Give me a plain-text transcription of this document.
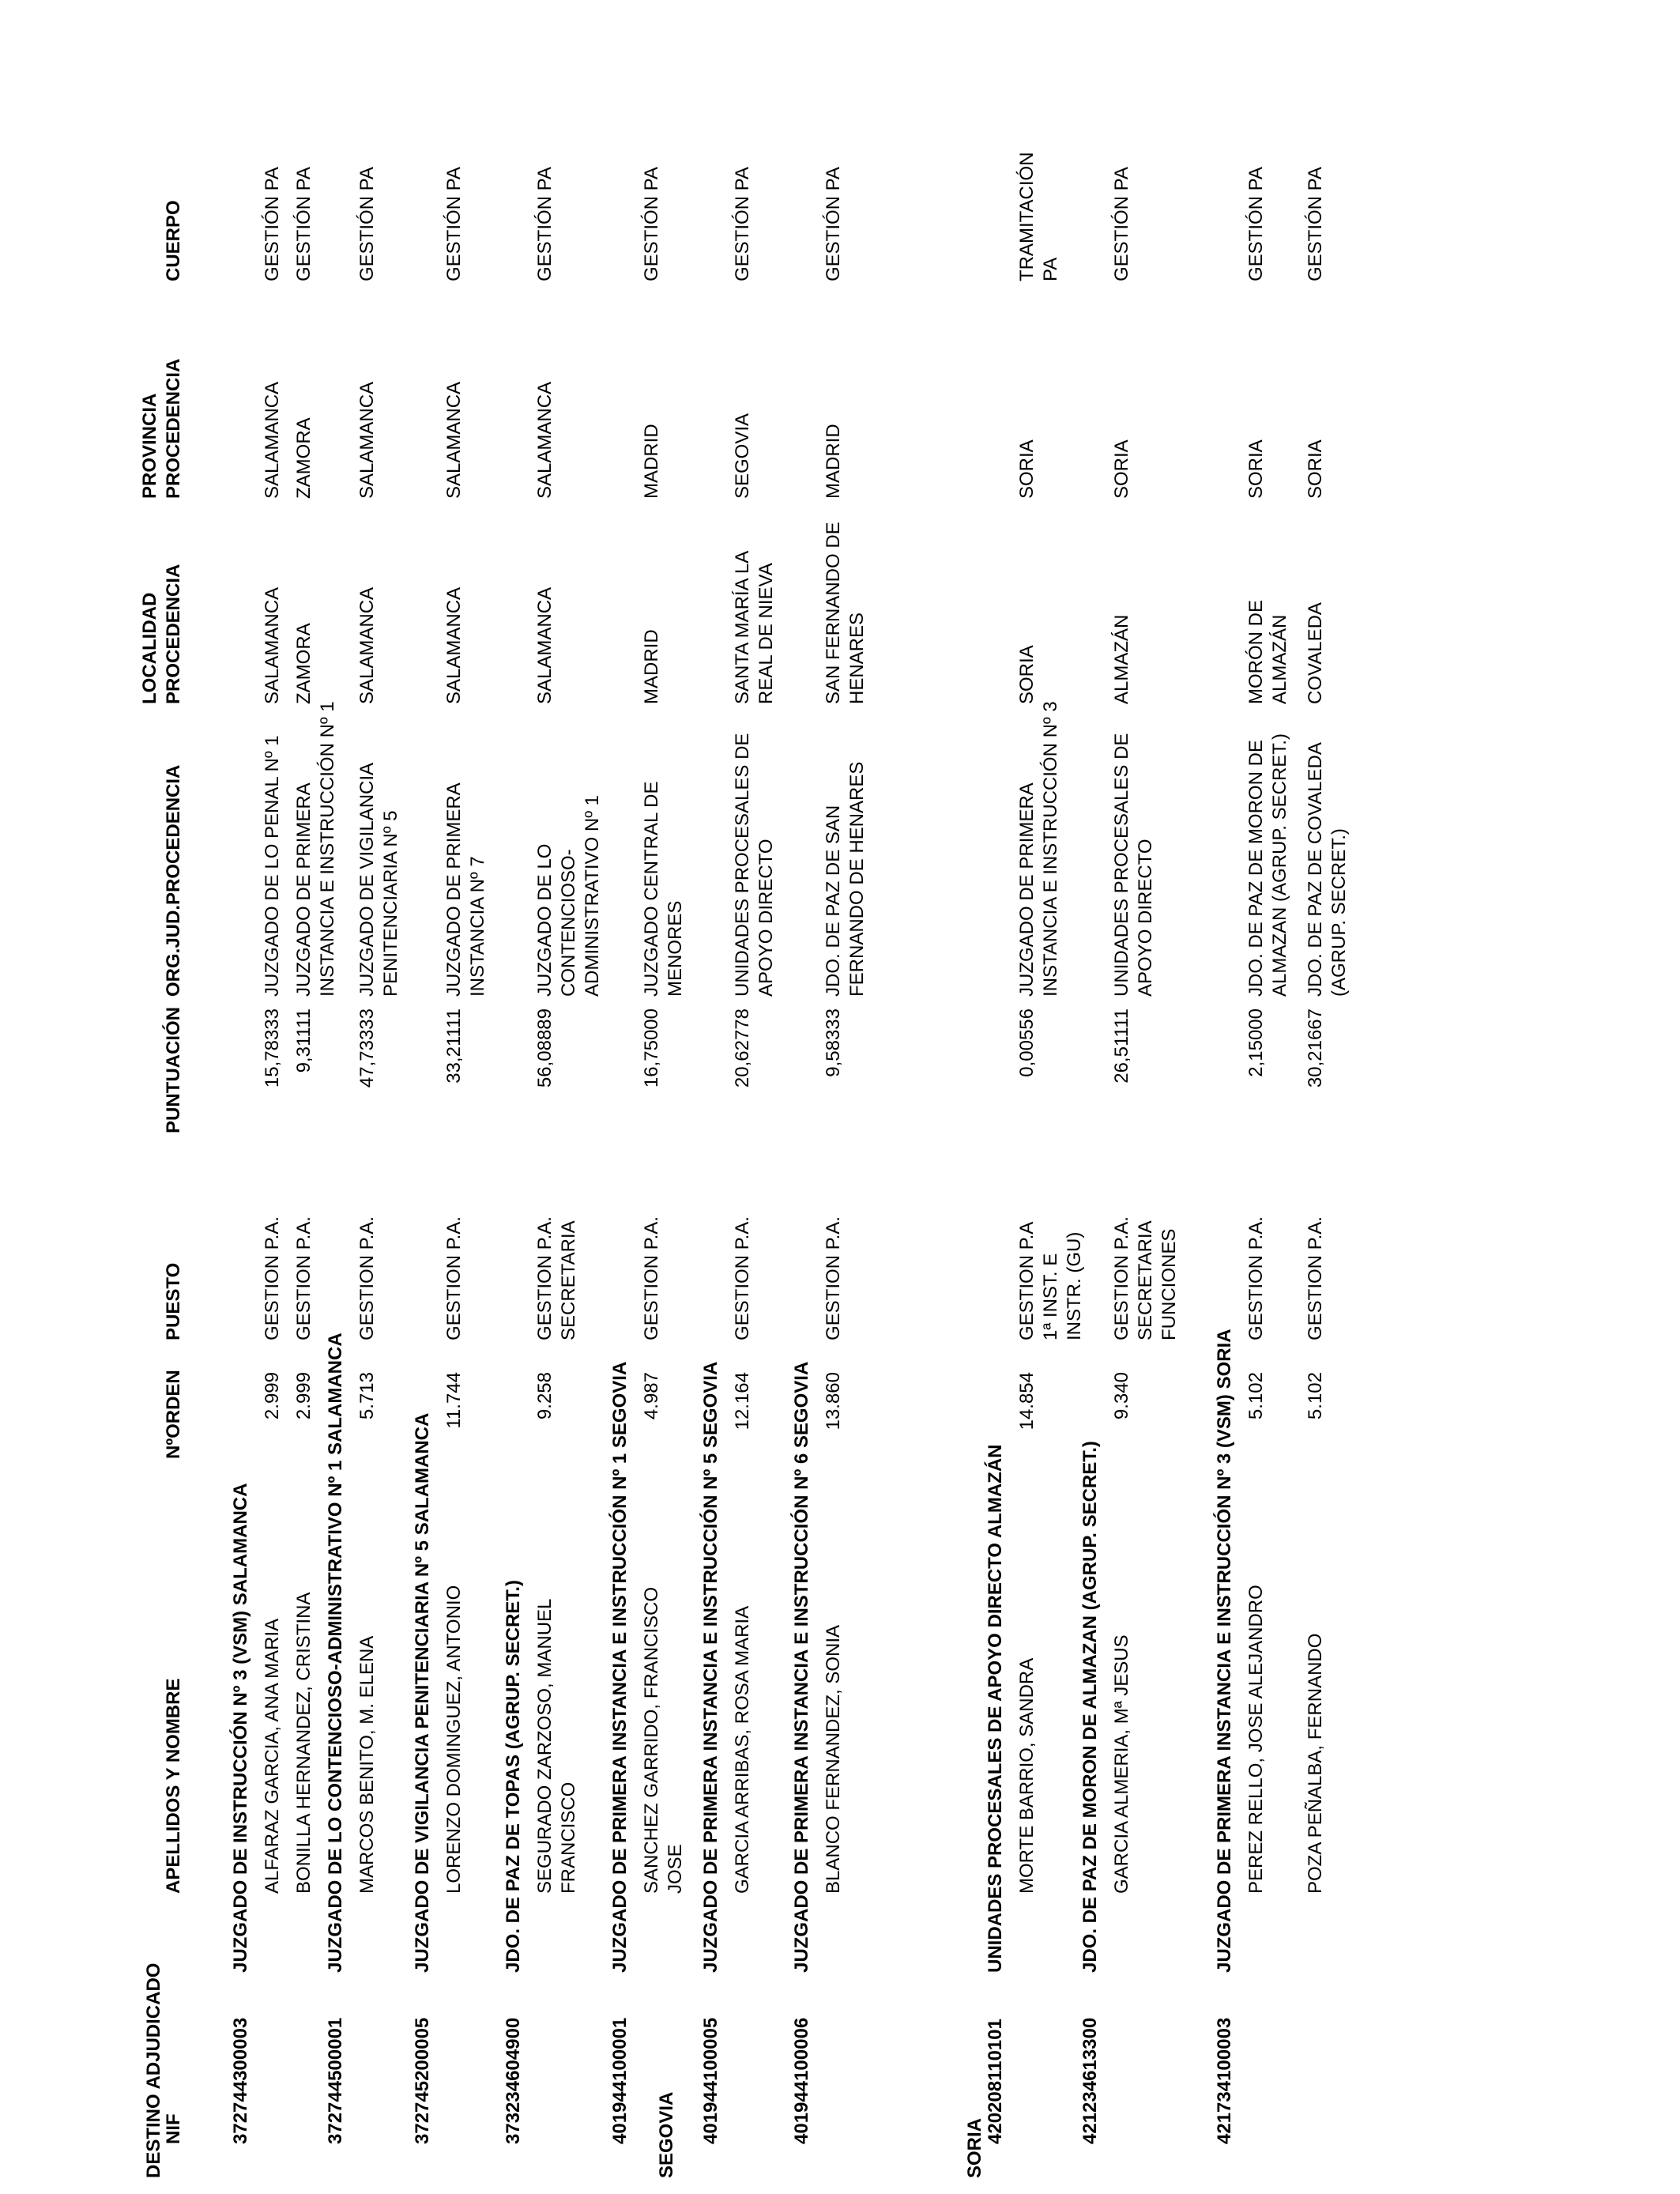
DESTINO ADJUDICADO
NIF
APELLIDOS Y NOMBRE
NºORDEN
PUESTO
PUNTUACIÓN
ORG.JUD.PROCEDENCIA
LOCALIDAD PROCEDENCIA
PROVINCIA PROCEDENCIA
CUERPO
SEGOVIA	SORIA
372744300003
JUZGADO DE INSTRUCCIÓN Nº 3 (VSM) SALAMANCA ALFARAZ GARCIA, ANA MARIA
2.999
GESTION P.A.
15,78333
JUZGADO DE LO PENAL Nº 1
SALAMANCA
SALAMANCA
GESTIÓN PA
BONILLA HERNANDEZ, CRISTINA
2.999
GESTION P.A.
9,31111
JUZGADO DE PRIMERA INSTANCIA E INSTRUCCIÓN Nº 1
ZAMORA
ZAMORA
GESTIÓN PA
372744500001
JUZGADO DE LO CONTENCIOSO-ADMINISTRATIVO Nº 1 SALAMANCA MARCOS BENITO, M. ELENA
5.713
GESTION P.A.
47,73333
JUZGADO DE VIGILANCIA PENITENCIARIA Nº 5
SALAMANCA
SALAMANCA
GESTIÓN PA
372745200005
JUZGADO DE VIGILANCIA PENITENCIARIA Nº 5 SALAMANCA LORENZO DOMINGUEZ, ANTONIO
11.744
GESTION P.A.
33,21111
JUZGADO DE PRIMERA INSTANCIA Nº 7
SALAMANCA
SALAMANCA
GESTIÓN PA
373234604900
JDO. DE PAZ DE TOPAS (AGRUP. SECRET.) SEGURADO ZARZOSO, MANUEL FRANCISCO
9.258
GESTION P.A. SECRETARIA
56,08889
JUZGADO DE LO CONTENCIOSO-ADMINISTRATIVO Nº 1
SALAMANCA
SALAMANCA
GESTIÓN PA
401944100001
JUZGADO DE PRIMERA INSTANCIA E INSTRUCCIÓN Nº 1 SEGOVIA SANCHEZ GARRIDO, FRANCISCO JOSE
4.987
GESTION P.A.
16,75000
JUZGADO CENTRAL DE MENORES
MADRID
MADRID
GESTIÓN PA
401944100005
JUZGADO DE PRIMERA INSTANCIA E INSTRUCCIÓN Nº 5 SEGOVIA GARCIA ARRIBAS, ROSA MARIA
12.164
GESTION P.A.
20,62778
UNIDADES PROCESALES DE APOYO DIRECTO
SANTA MARÍA LA REAL DE NIEVA
SEGOVIA
GESTIÓN PA
401944100006
JUZGADO DE PRIMERA INSTANCIA E INSTRUCCIÓN Nº 6 SEGOVIA BLANCO FERNANDEZ, SONIA
13.860
GESTION P.A.
9,58333
JDO. DE PAZ DE SAN FERNANDO DE HENARES
SAN FERNANDO DE HENARES
MADRID
GESTIÓN PA
420208110101
UNIDADES PROCESALES DE APOYO DIRECTO ALMAZÁN MORTE BARRIO, SANDRA
14.854
GESTION P.A 1ª INST. E INSTR. (GU)
0,00556
JUZGADO DE PRIMERA INSTANCIA E INSTRUCCIÓN Nº 3
SORIA
SORIA
TRAMITACIÓN PA
421234613300
JDO. DE PAZ DE MORON DE ALMAZAN (AGRUP. SECRET.) GARCIA ALMERIA, Mª JESUS
9.340
GESTION P.A. SECRETARIA FUNCIONES
26,51111
UNIDADES PROCESALES DE APOYO DIRECTO
ALMAZÁN
SORIA
GESTIÓN PA
421734100003
JUZGADO DE PRIMERA INSTANCIA E INSTRUCCIÓN Nº 3 (VSM) SORIA PEREZ RELLO, JOSE ALEJANDRO
5.102
GESTION P.A.
2,15000
JDO. DE PAZ DE MORON DE ALMAZAN (AGRUP. SECRET.)
MORÓN DE ALMAZÁN
SORIA
GESTIÓN PA
POZA PEÑALBA, FERNANDO
5.102
GESTION P.A.
30,21667
JDO. DE PAZ DE COVALEDA (AGRUP. SECRET.)
COVALEDA
SORIA
GESTIÓN PA
